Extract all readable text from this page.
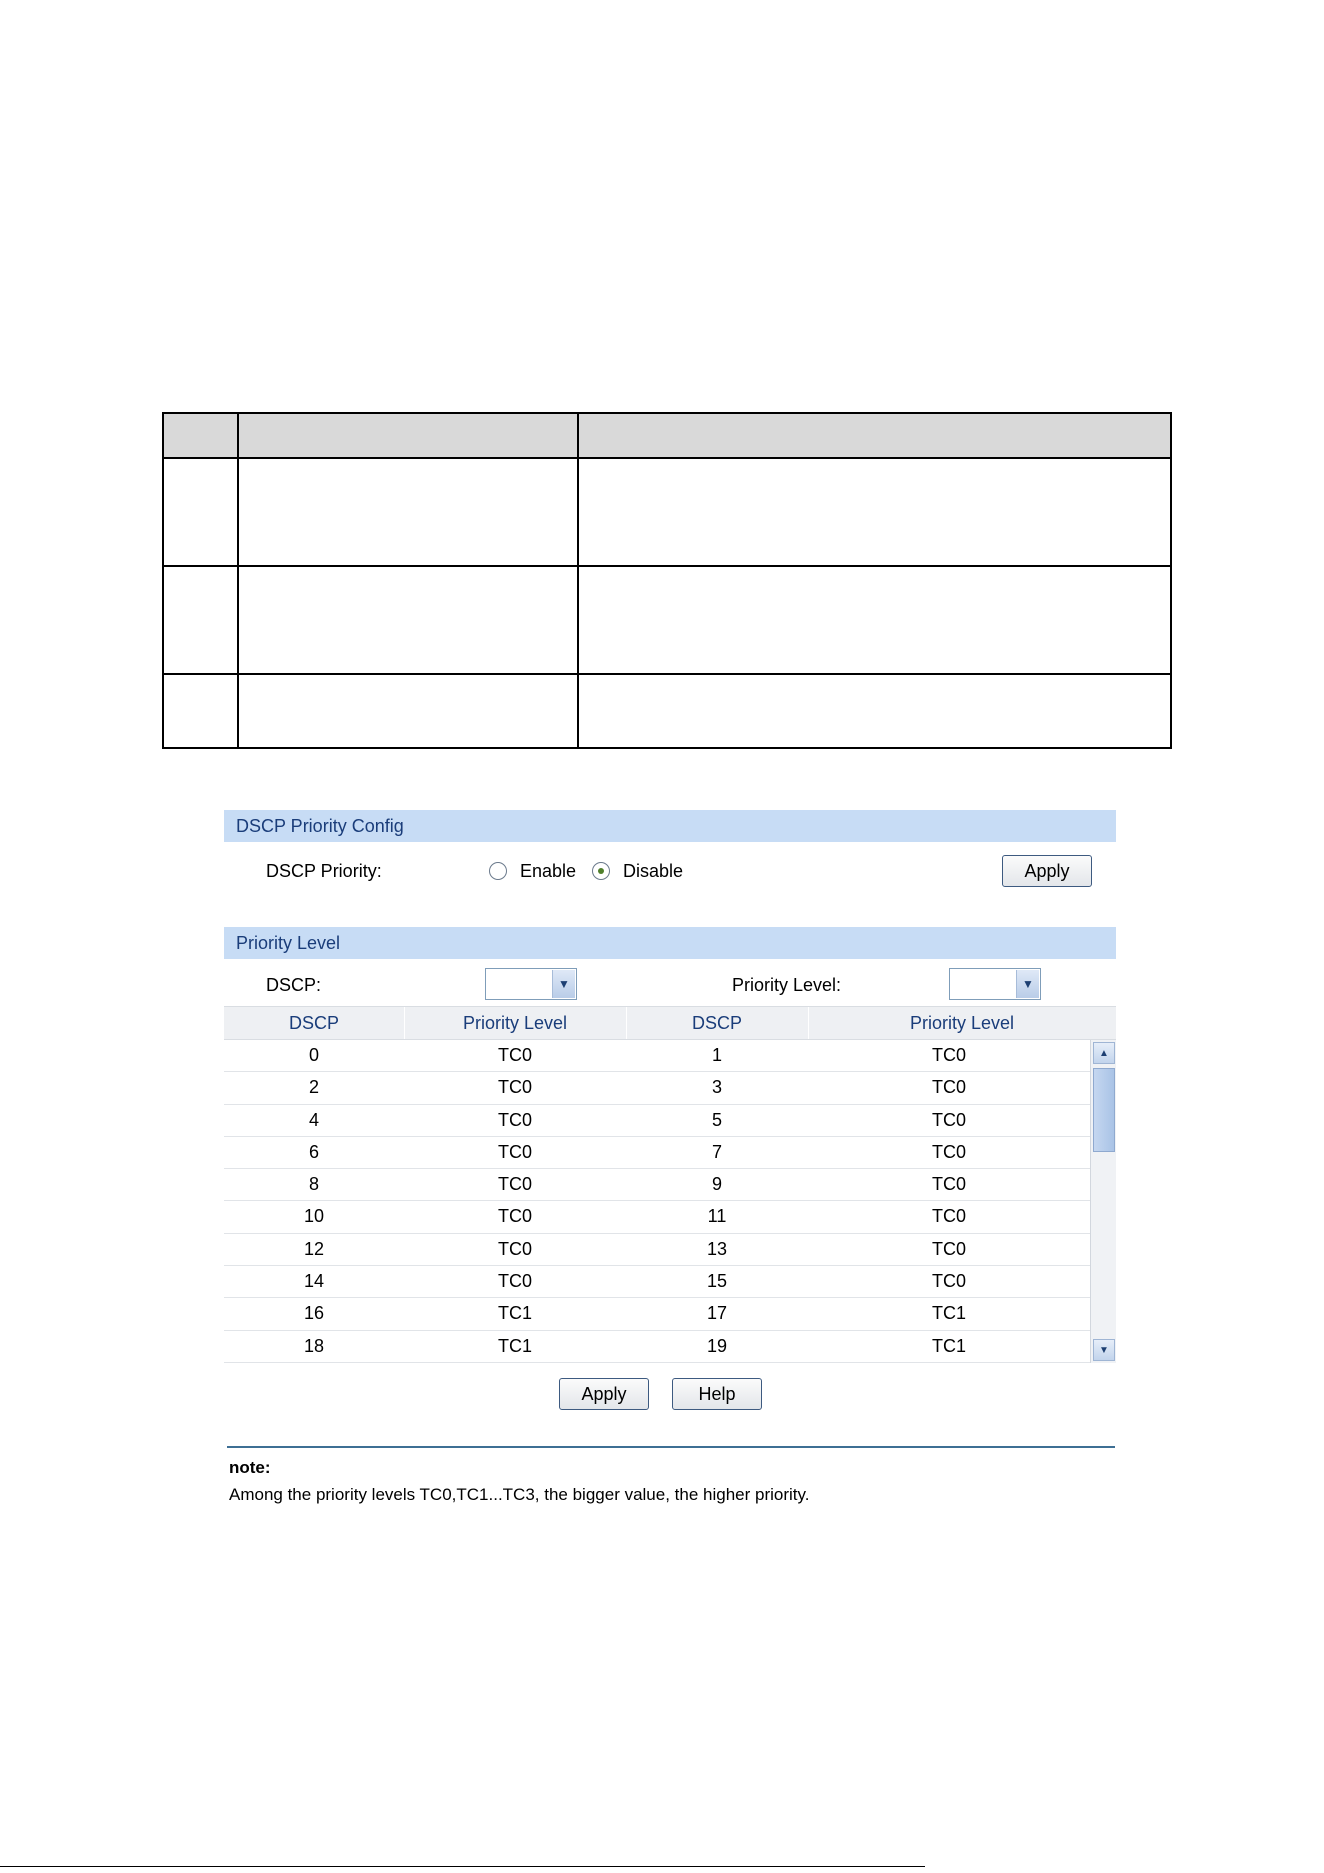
DSCP Priority Config
DSCP Priority:	Enable	Disable	Apply
Priority Level
DSCP:	▼	Priority Level:	▼
DSCP	Priority Level	DSCP	Priority Level
0	TC0	1	TC0
2	TC0	3	TC0
4	TC0	5	TC0
6	TC0	7	TC0
8	TC0	9	TC0
10	TC0	11	TC0
12	TC0	13	TC0
14	TC0	15	TC0
16	TC1	17	TC1
18	TC1	19	TC1
▲
▼
Apply	Help
note:
Among the priority levels TC0,TC1...TC3, the bigger value, the higher priority.
